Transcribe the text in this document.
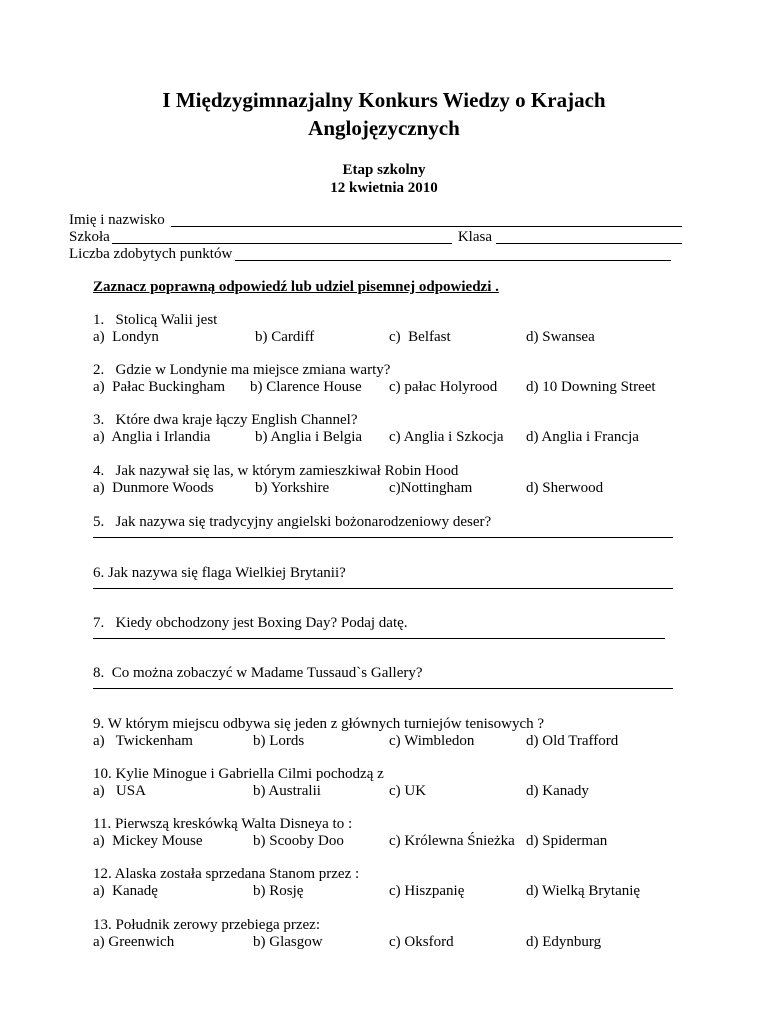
I Międzygimnazjalny Konkurs Wiedzy o Krajach
Anglojęzycznych
Etap szkolny
12 kwietnia 2010
Imię i nazwisko
Szkoła	Klasa
Liczba zdobytych punktów
Zaznacz poprawną odpowiedź lub udziel pisemnej odpowiedzi .
1.   Stolicą Walii jest

a)  Londyn

	b) Cardiff

	c)  Belfast

	d) Swansea

2.   Gdzie w Londynie ma miejsce zmiana warty?

a)  Pałac Buckingham

b) Clarence House

c) pałac Holyrood

d) 10 Downing Street

3.   Które dwa kraje łączy English Channel?

a)  Anglia i Irlandia

	b) Anglia i Belgia

c) Anglia i Szkocja

d) Anglia i Francja

4.   Jak nazywał się las, w którym zamieszkiwał Robin Hood

a)  Dunmore Woods

	b) Yorkshire

	c)Nottingham

	d) Sherwood

5.   Jak nazywa się tradycyjny angielski bożonarodzeniowy deser?
6. Jak nazywa się flaga Wielkiej Brytanii?
7.   Kiedy obchodzony jest Boxing Day? Podaj datę.
8.  Co można zobaczyć w Madame Tussaud`s Gallery?
9. W którym miejscu odbywa się jeden z głównych turniejów tenisowych ?

a)   Twickenham

	b) Lords

	c) Wimbledon

	d) Old Trafford

10. Kylie Minogue i Gabriella Cilmi pochodzą z

a)   USA

	b) Australii

	c) UK

	d) Kanady

11. Pierwszą kreskówką Walta Disneya to :

a)  Mickey Mouse

	b) Scooby Doo

	c) Królewna Śnieżka

d) Spiderman

12. Alaska została sprzedana Stanom przez :

a)  Kanadę

	b) Rosję

	c) Hiszpanię

	d) Wielką Brytanię

13. Południk zerowy przebiega przez:

a) Greenwich

	b) Glasgow

	c) Oksford

	d) Edynburg
